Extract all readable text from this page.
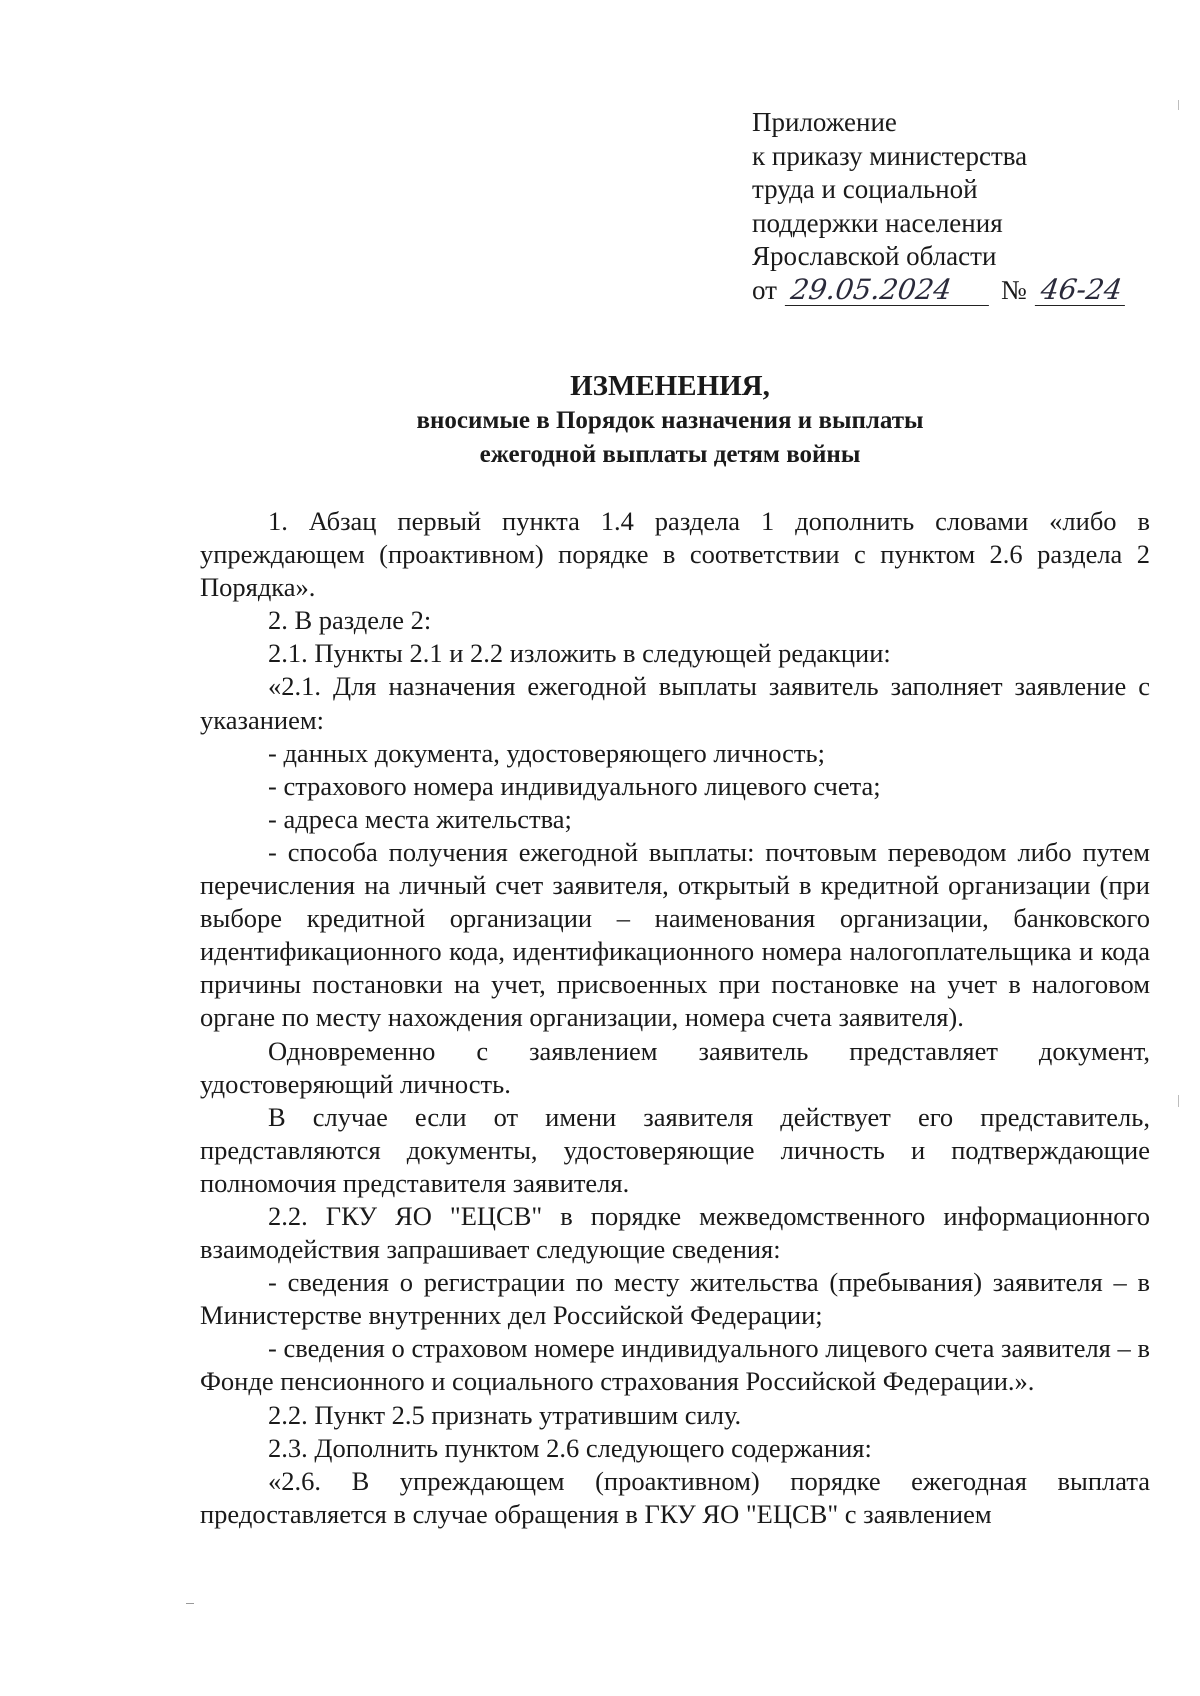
Приложение
к приказу министерства
труда и социальной
поддержки населения
Ярославской области
от 29.05.2024	№ 46-24
ИЗМЕНЕНИЯ,
вносимые в Порядок назначения и выплаты
ежегодной выплаты детям войны

1. Абзац первый пункта 1.4 раздела 1 дополнить словами «либо в упреждающем (проактивном) порядке в соответствии с пунктом 2.6 раздела 2 Порядка».

2. В разделе 2:

2.1. Пункты 2.1 и 2.2 изложить в следующей редакции:

«2.1. Для назначения ежегодной выплаты заявитель заполняет заявление с указанием:

- данных документа, удостоверяющего личность;

- страхового номера индивидуального лицевого счета;

- адреса места жительства;

- способа получения ежегодной выплаты: почтовым переводом либо путем перечисления на личный счет заявителя, открытый в кредитной организации (при выборе кредитной организации – наименования организации, банковского идентификационного кода, идентификационного номера налогоплательщика и кода причины постановки на учет, присвоенных при постановке на учет в налоговом органе по месту нахождения организации, номера счета заявителя).

Одновременно с заявлением заявитель представляет документ, удостоверяющий личность.

В случае если от имени заявителя действует его представитель, представляются документы, удостоверяющие личность и подтверждающие полномочия представителя заявителя.

2.2. ГКУ ЯО "ЕЦСВ" в порядке межведомственного информационного взаимодействия запрашивает следующие сведения:

- сведения о регистрации по месту жительства (пребывания) заявителя – в Министерстве внутренних дел Российской Федерации;

- сведения о страховом номере индивидуального лицевого счета заявителя – в Фонде пенсионного и социального страхования Российской Федерации.».

2.2. Пункт 2.5 признать утратившим силу.

2.3. Дополнить пунктом 2.6 следующего содержания:

«2.6. В упреждающем (проактивном) порядке ежегодная выплата предоставляется в случае обращения в ГКУ ЯО "ЕЦСВ" с заявлением
